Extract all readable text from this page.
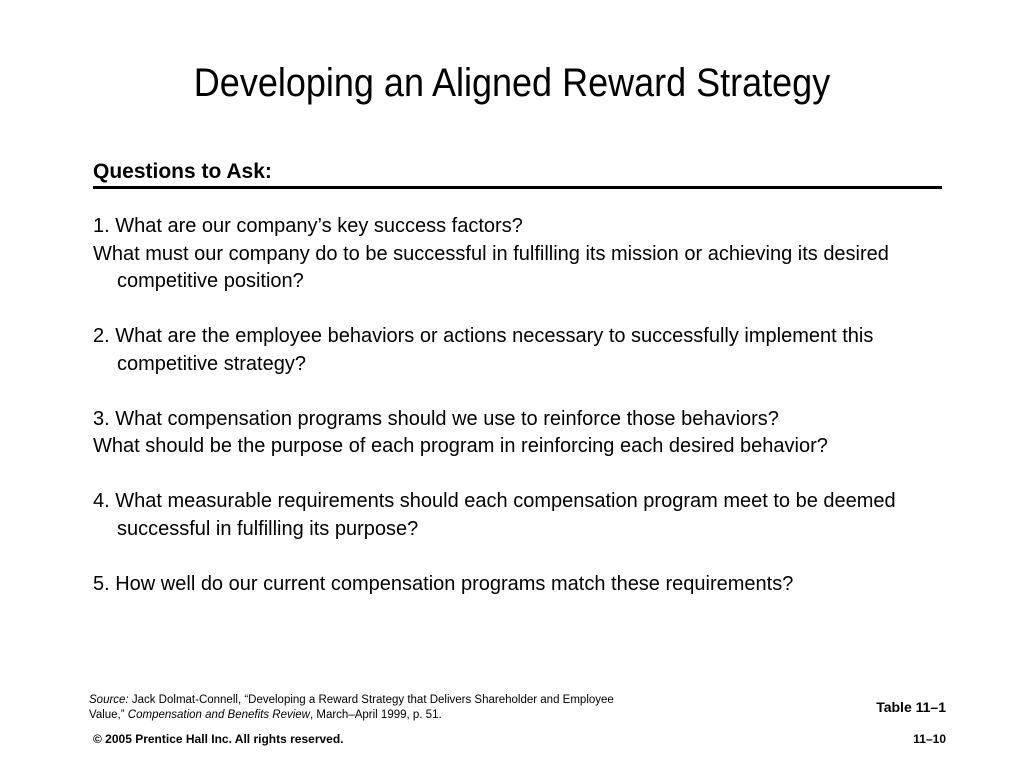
Developing an Aligned Reward Strategy
Questions to Ask:
1. What are our company’s key success factors?
What must our company do to be successful in fulfilling its mission or achieving its desired competitive position?
2. What are the employee behaviors or actions necessary to successfully implement this competitive strategy?
3. What compensation programs should we use to reinforce those behaviors?
What should be the purpose of each program in reinforcing each desired behavior?
4. What measurable requirements should each compensation program meet to be deemed successful in fulfilling its purpose?
5. How well do our current compensation programs match these requirements?
Source: Jack Dolmat-Connell, “Developing a Reward Strategy that Delivers Shareholder and Employee Value,” Compensation and Benefits Review, March–April 1999, p. 51.	Table 11–1
© 2005 Prentice Hall Inc. All rights reserved.	11–10
